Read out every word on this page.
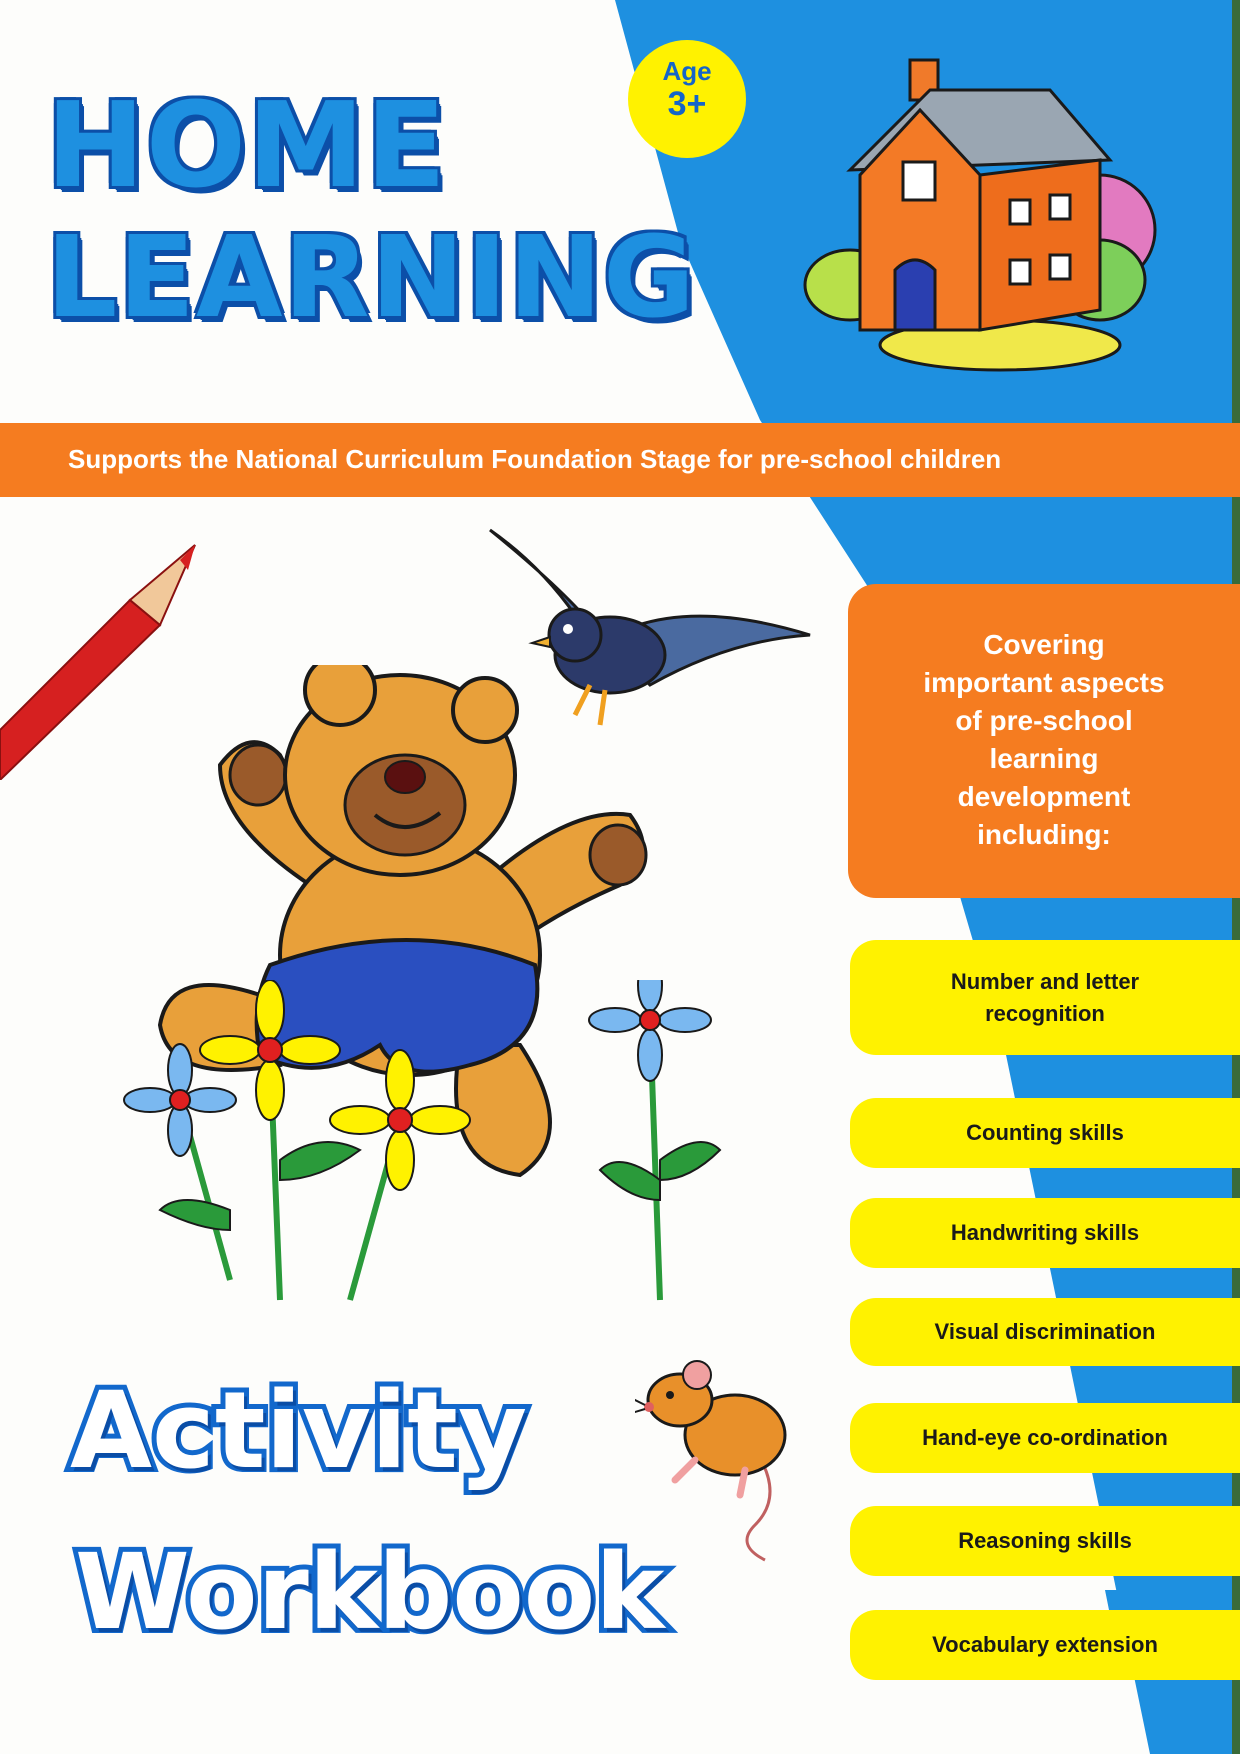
HOME
LEARNING
Age
3+
Supports the National Curriculum Foundation Stage for pre-school children
Covering
important aspects
of pre-school
learning
development
including:
Number and letter
recognition
Counting skills
Handwriting skills
Visual discrimination
Hand-eye co-ordination
Reasoning skills
Vocabulary extension
Activity
Workbook
